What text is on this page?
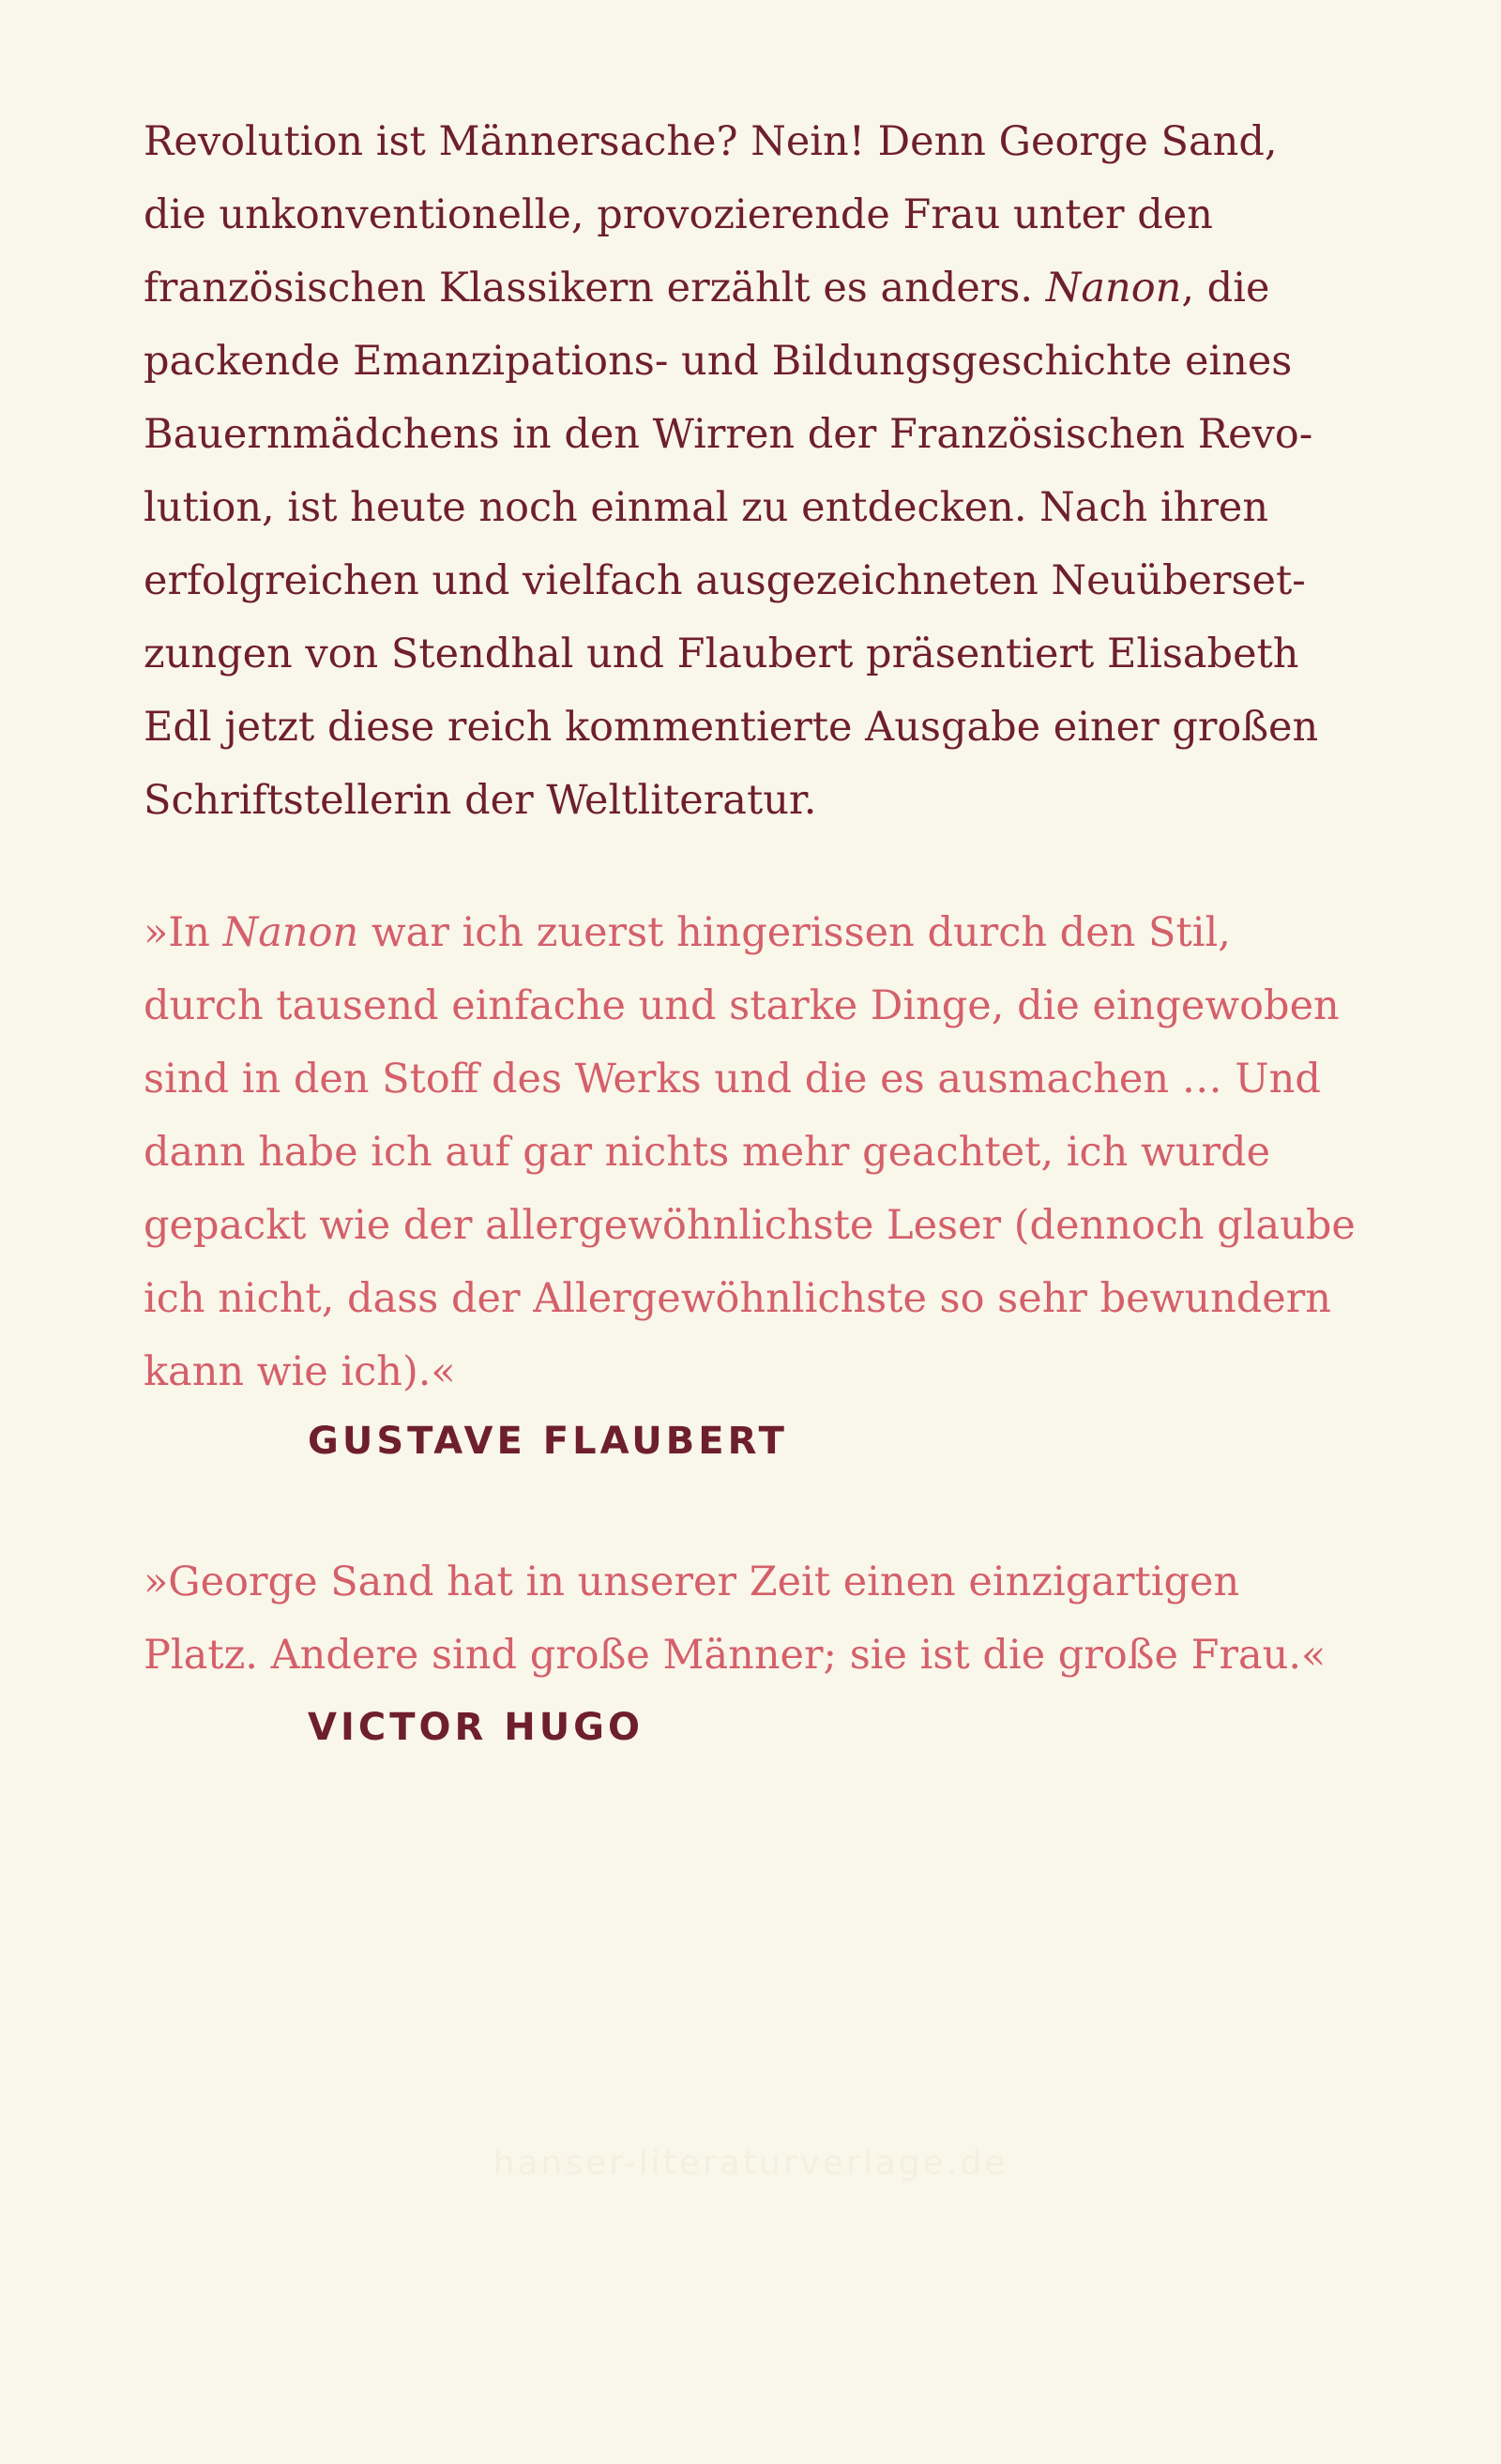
Revolution ist Männersache? Nein! Denn George Sand,
die unkonventionelle, provozierende Frau unter den
französischen Klassikern erzählt es anders. Nanon, die
packende Emanzipations- und Bildungsgeschichte eines
Bauernmädchens in den Wirren der Französischen Revo-
lution, ist heute noch einmal zu entdecken. Nach ihren
erfolgreichen und vielfach ausgezeichneten Neuüberset-
zungen von Stendhal und Flaubert präsentiert Elisabeth
Edl jetzt diese reich kommentierte Ausgabe einer großen
Schriftstellerin der Weltliteratur.
»In Nanon war ich zuerst hingerissen durch den Stil,
durch tausend einfache und starke Dinge, die eingewoben
sind in den Stoff des Werks und die es ausmachen … Und
dann habe ich auf gar nichts mehr geachtet, ich wurde
gepackt wie der allergewöhnlichste Leser (dennoch glaube
ich nicht, dass der Allergewöhnlichste so sehr bewundern
kann wie ich).«
GUSTAVE FLAUBERT
»George Sand hat in unserer Zeit einen einzigartigen
Platz. Andere sind große Männer; sie ist die große Frau.«
VICTOR HUGO
hanser-literaturverlage.de
